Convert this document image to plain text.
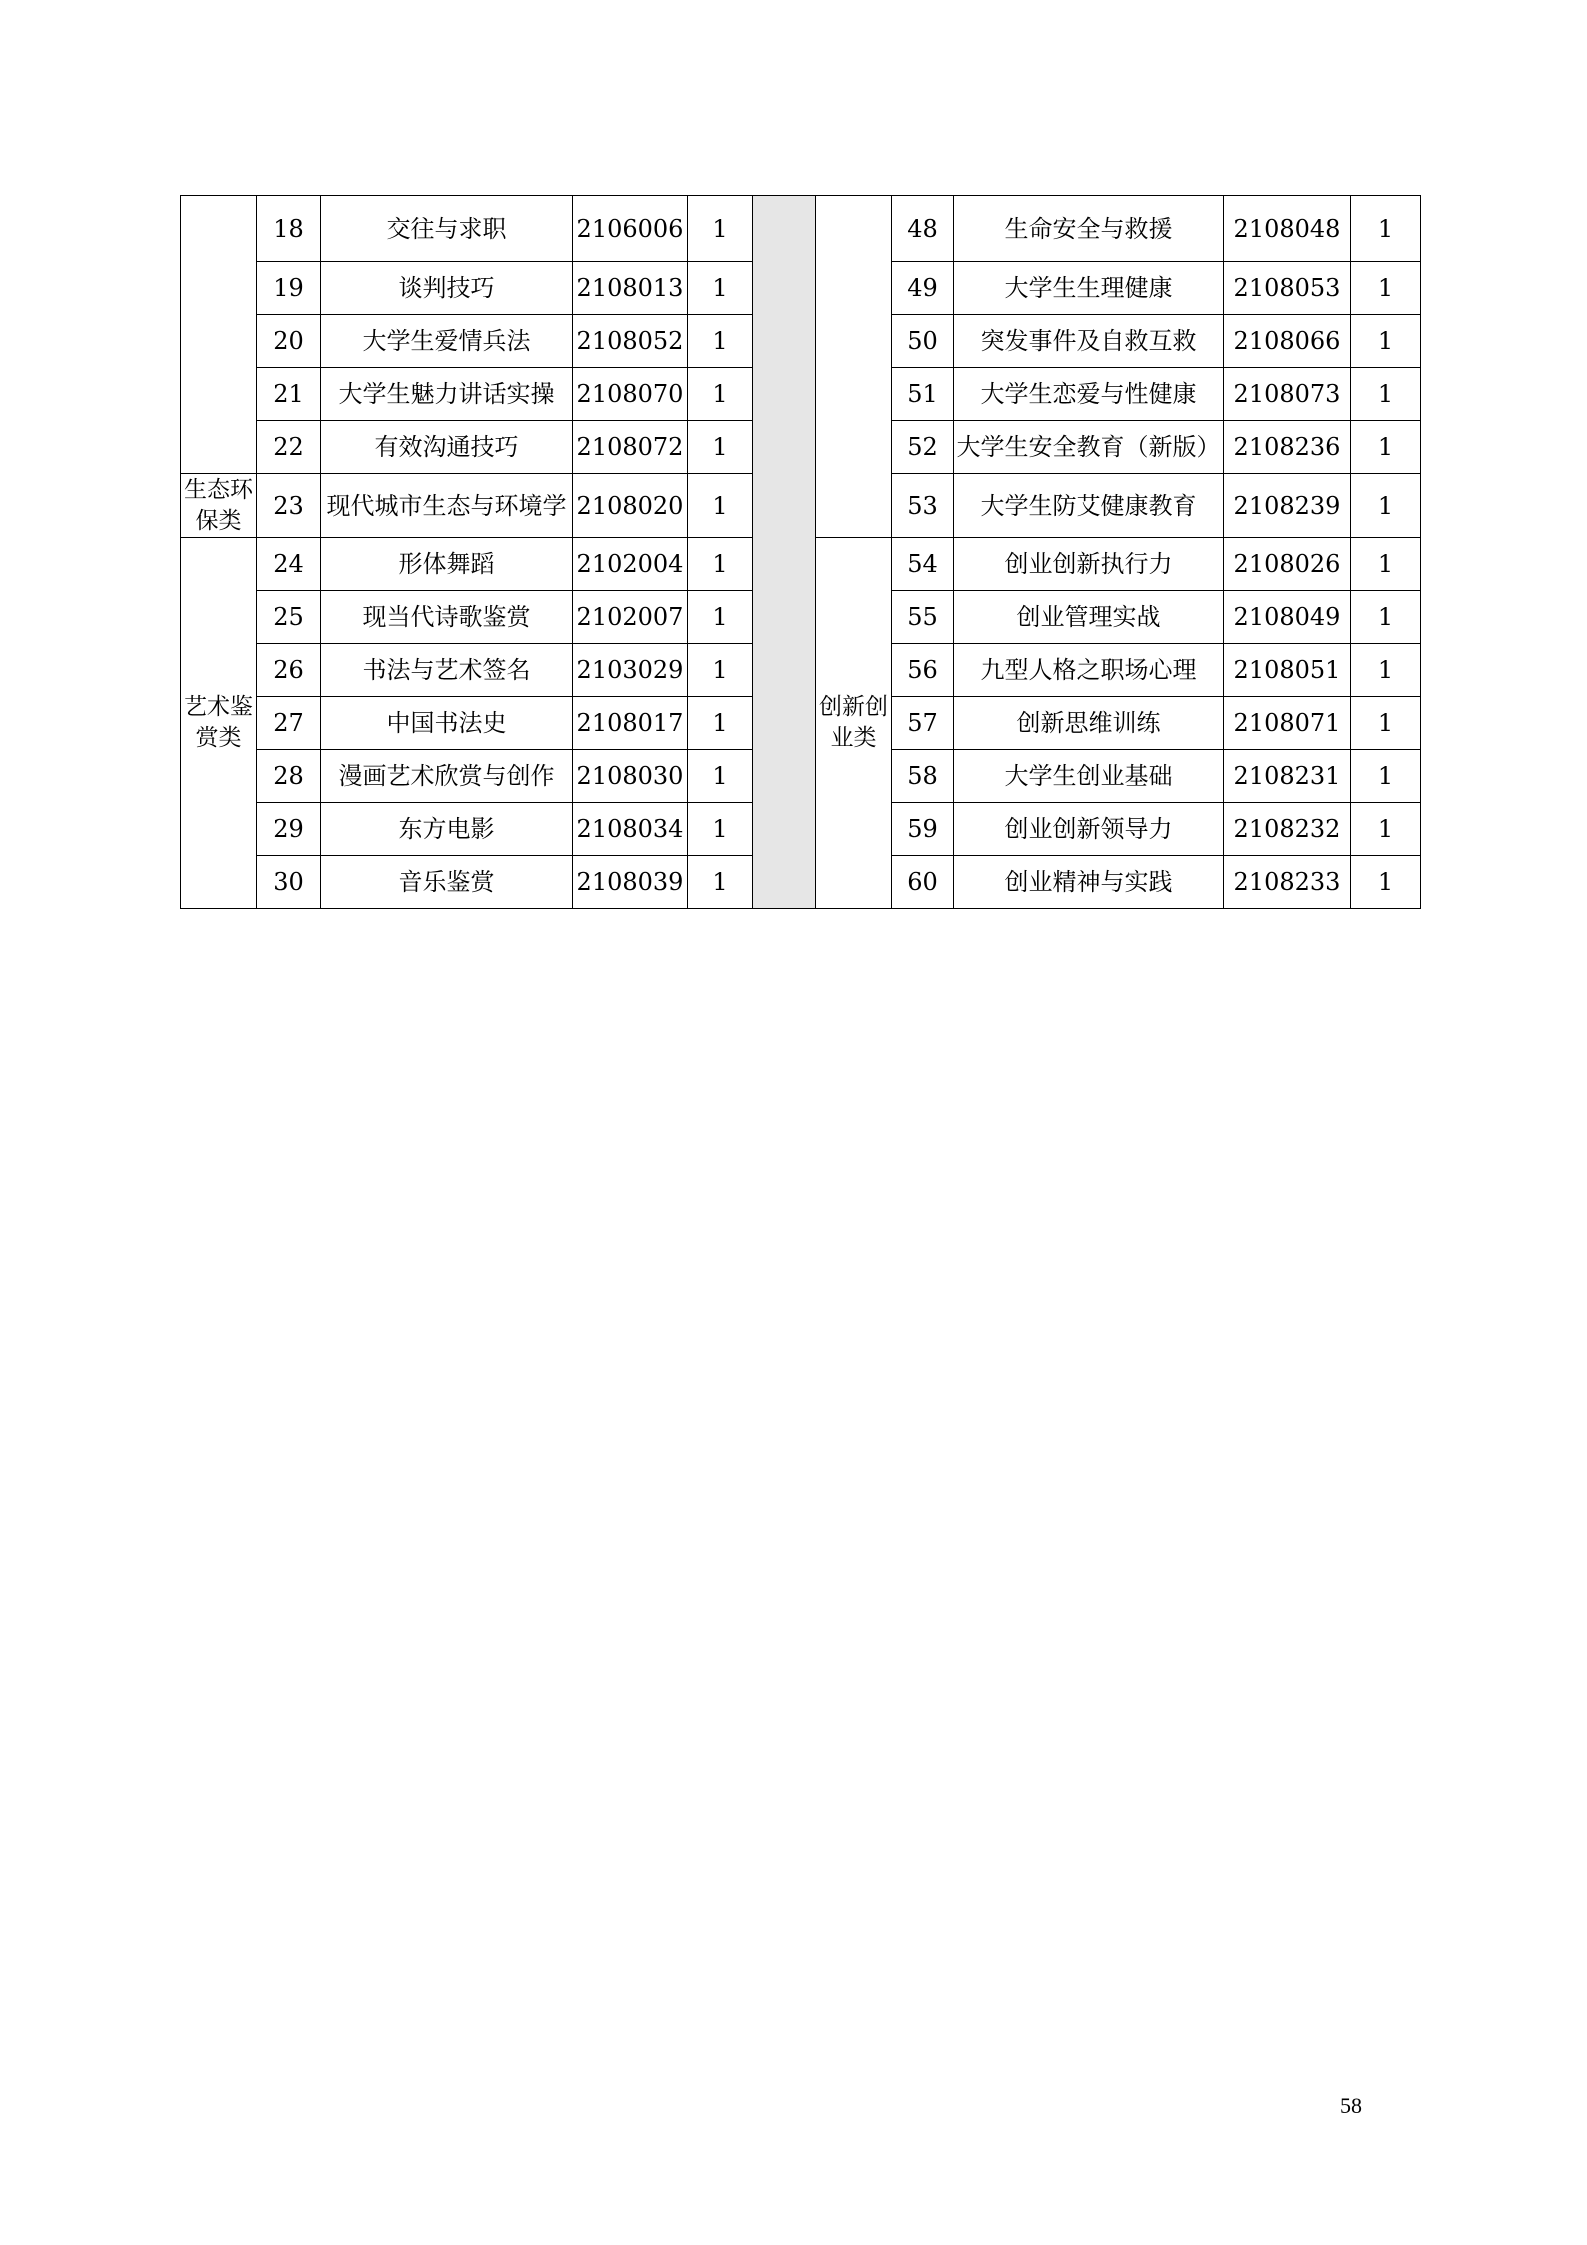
	18	交往与求职	2106006	1			48	生命安全与救援	2108048	1
	19	谈判技巧	2108013	1			49	大学生生理健康	2108053	1
	20	大学生爱情兵法	2108052	1			50	突发事件及自救互救	2108066	1
	21	大学生魅力讲话实操	2108070	1			51	大学生恋爱与性健康	2108073	1
	22	有效沟通技巧	2108072	1			52	大学生安全教育（新版）	2108236	1
生态环保类	23	现代城市生态与环境学	2108020	1			53	大学生防艾健康教育	2108239	1
艺术鉴赏类	24	形体舞蹈	2102004	1		创新创业类	54	创业创新执行力	2108026	1
	25	现当代诗歌鉴赏	2102007	1			55	创业管理实战	2108049	1
	26	书法与艺术签名	2103029	1			56	九型人格之职场心理	2108051	1
	27	中国书法史	2108017	1			57	创新思维训练	2108071	1
	28	漫画艺术欣赏与创作	2108030	1			58	大学生创业基础	2108231	1
	29	东方电影	2108034	1			59	创业创新领导力	2108232	1
	30	音乐鉴赏	2108039	1			60	创业精神与实践	2108233	1
58
